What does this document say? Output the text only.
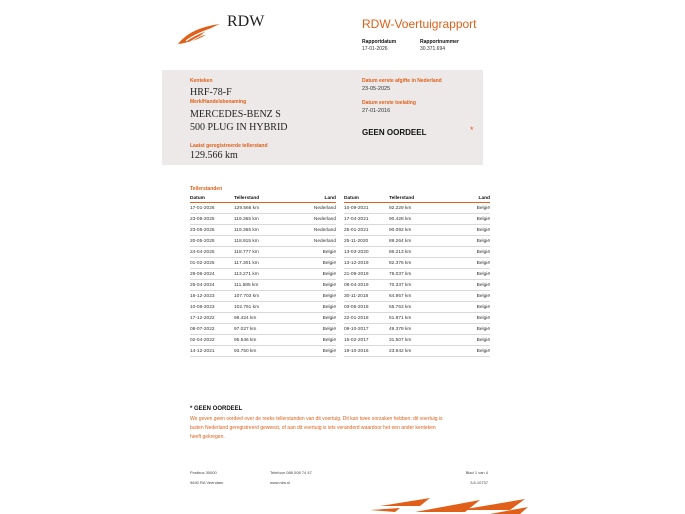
RDW	RDW-Voertuigrapport
Rapportdatum
17-01-2026
Rapportnummer
30.371.694
Kenteken
HRF-78-F
Merk/Handelsbenaming
MERCEDES-BENZ S
500 PLUG IN HYBRID
Laatst geregistreerde tellerstand
129.566 km
Datum eerste afgifte in Nederland
23-05-2025
Datum eerste toelating
27-01-2016
GEEN OORDEEL	*
Tellerstanden
Datum	Tellerstand	Land
17-01-2026	129.566 km	Nederland
23-05-2025	119.365 km	Nederland
23-05-2025	119.365 km	Nederland
20-05-2025	118.915 km	Nederland
24-04-2025	118.777 km	België
01-02-2025	117.301 km	België
29-06-2024	113.271 km	België
25-04-2024	111.585 km	België
16-12-2023	107.703 km	België
10-06-2023	102.761 km	België
17-12-2022	98.424 km	België
08-07-2022	97.027 km	België
02-04-2022	95.546 km	België
14-12-2021	93.750 km	België
Datum	Tellerstand	Land
10-09-2021	92.229 km	België
17-04-2021	90.428 km	België
25-01-2021	90.092 km	België
25-11-2020	89.264 km	België
13-03-2020	86.213 km	België
13-12-2019	82.376 km	België
21-09-2019	79.037 km	België
08-04-2019	70.337 km	België
30-11-2018	64.957 km	België
03-05-2018	55.763 km	België
22-01-2018	51.871 km	België
09-10-2017	49.379 km	België
15-02-2017	31.507 km	België
19-10-2016	23.942 km	België
* GEEN OORDEEL
We geven geen oordeel over de reeks tellerstanden van dit voertuig. Dit kan twee oorzaken hebben: dit voertuig is
buiten Nederland geregistreerd geweest, of aan dit voertuig is iets veranderd waardoor het een ander kenteken
heeft gekregen.
Postbus 30000
9640 RA Veendam
Telefoon 088 008 74 47
www.rdw.nl
Blad 1 van 4
3.6.10737
